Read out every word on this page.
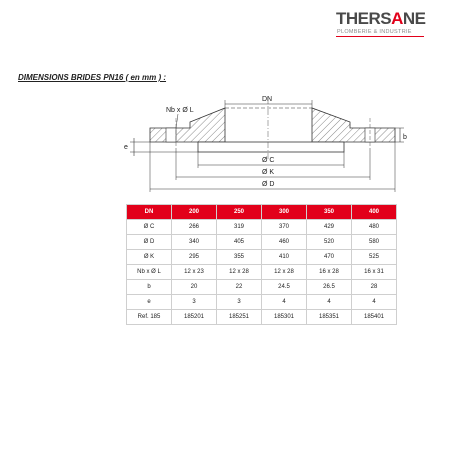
THERSANE
PLOMBERIE & INDUSTRIE
DIMENSIONS BRIDES PN16 ( en mm ) :
DN
Nb x Ø L
b
e
Ø C
Ø K
Ø D
DN	200	250	300	350	400
Ø C	266	319	370	429	480
Ø D	340	405	460	520	580
Ø K	295	355	410	470	525
Nb x Ø L	12 x 23	12 x 28	12 x 28	16 x 28	16 x 31
b	20	22	24.5	26.5	28
e	3	3	4	4	4
Ref. 185	185201	185251	185301	185351	185401
